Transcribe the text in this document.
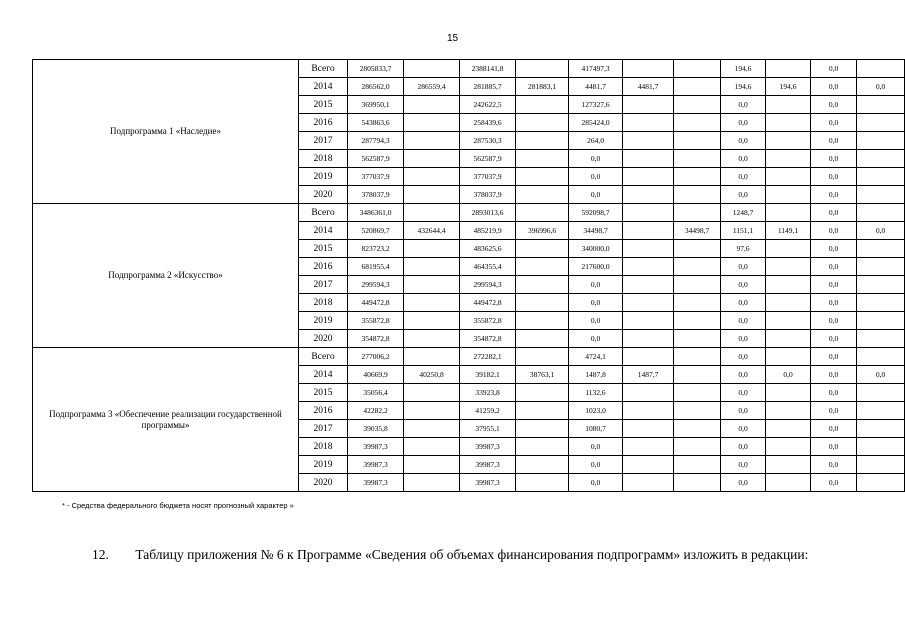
15
Подпрограмма 1 «Наследие»	Всего	2805833,7		2388141,8		417497,3			194,6		0,0	
	2014	286562,0	286559,4	281885,7	281883,1	4481,7	4481,7		194,6	194,6	0,0	0,0
	2015	369950,1		242622,5		127327,6			0,0		0,0	
	2016	543863,6		258439,6		285424,0			0,0		0,0	
	2017	287794,3		287530,3		264,0			0,0		0,0	
	2018	562587,9		562587,9		0,0			0,0		0,0	
	2019	377037,9		377037,9		0,0			0,0		0,0	
	2020	378037,9		378037,9		0,0			0,0		0,0	
Подпрограмма 2 «Искусство»	Всего	3486361,0		2893013,6		592098,7			1248,7		0,0	
	2014	520869,7	432644,4	485219,9	396996,6	34498,7		34498,7	1151,1	1149,1	0,0	0,0
	2015	823723,2		483625,6		340000,0			97,6		0,0	
	2016	681955,4		464355,4		217600,0			0,0		0,0	
	2017	299594,3		299594,3		0,0			0,0		0,0	
	2018	449472,8		449472,8		0,0			0,0		0,0	
	2019	355872,8		355872,8		0,0			0,0		0,0	
	2020	354872,8		354872,8		0,0			0,0		0,0	
Подпрограмма 3 «Обеспечение реализации государственной программы»	Всего	277006,2		272282,1		4724,1			0,0		0,0	
	2014	40669,9	40250,8	39182,1	38763,1	1487,8	1487,7		0,0	0,0	0,0	0,0
	2015	35056,4		33923,8		1132,6			0,0		0,0	
	2016	42282,2		41259,2		1023,0			0,0		0,0	
	2017	39035,8		37955,1		1080,7			0,0		0,0	
	2018	39987,3		39987,3		0,0			0,0		0,0	
	2019	39987,3		39987,3		0,0			0,0		0,0	
	2020	39987,3		39987,3		0,0			0,0		0,0	
* - Средства федерального бюджета носят прогнозный характер »
12. Таблицу приложения № 6 к Программе «Сведения об объемах финансирования подпрограмм» изложить в редакции:
